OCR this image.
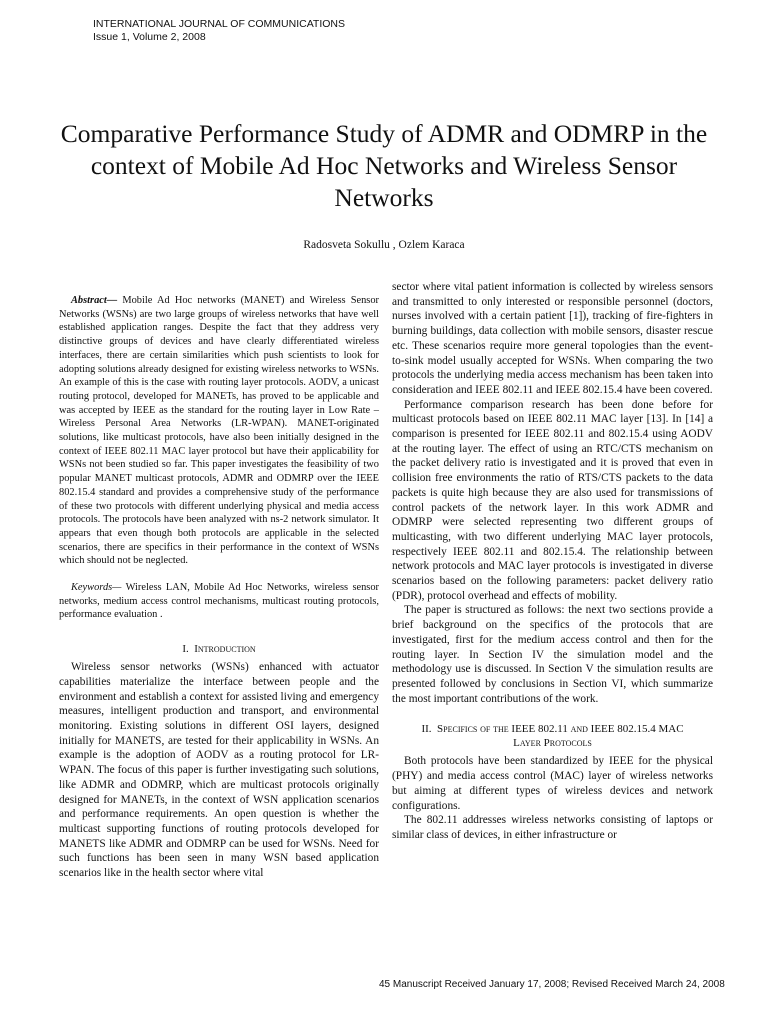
INTERNATIONAL JOURNAL OF COMMUNICATIONS
Issue 1, Volume 2, 2008
Comparative Performance Study of ADMR and ODMRP in the context of Mobile Ad Hoc Networks and Wireless Sensor Networks
Radosveta Sokullu , Ozlem Karaca

Abstract— Mobile Ad Hoc networks (MANET) and Wireless Sensor Networks (WSNs) are two large groups of wireless networks that have well established application ranges. Despite the fact that they address very distinctive groups of devices and have clearly differentiated wireless interfaces, there are certain similarities which push scientists to look for adopting solutions already designed for existing wireless networks to WSNs. An example of this is the case with routing layer protocols. AODV, a unicast routing protocol, developed for MANETs, has proved to be applicable and was accepted by IEEE as the standard for the routing layer in Low Rate – Wireless Personal Area Networks (LR-WPAN). MANET-originated solutions, like multicast protocols, have also been initially designed in the context of IEEE 802.11 MAC layer protocol but have their applicability for WSNs not been studied so far. This paper investigates the feasibility of two popular MANET multicast protocols, ADMR and ODMRP over the IEEE 802.15.4 standard and provides a comprehensive study of the performance of these two protocols with different underlying physical and media access protocols. The protocols have been analyzed with ns-2 network simulator. It appears that even though both protocols are applicable in the selected scenarios, there are specifics in their performance in the context of WSNs which should not be neglected.

Keywords— Wireless LAN, Mobile Ad Hoc Networks, wireless sensor networks, medium access control mechanisms, multicast routing protocols, performance evaluation .

I. Introduction

Wireless sensor networks (WSNs) enhanced with actuator capabilities materialize the interface between people and the environment and establish a context for assisted living and emergency measures, intelligent production and transport, and environmental monitoring. Existing solutions in different OSI layers, designed initially for MANETS, are tested for their applicability in WSNs. An example is the adoption of AODV as a routing protocol for LR-WPAN. The focus of this paper is further investigating such solutions, like ADMR and ODMRP, which are multicast protocols originally designed for MANETs, in the context of WSN application scenarios and performance requirements. An open question is whether the multicast supporting functions of routing protocols developed for MANETS like ADMR and ODMRP can be used for WSNs. Need for such functions has been seen in many WSN based application scenarios like in the health sector where vital

sector where vital patient information is collected by wireless sensors and transmitted to only interested or responsible personnel (doctors, nurses involved with a certain patient [1]), tracking of fire-fighters in burning buildings, data collection with mobile sensors, disaster rescue etc. These scenarios require more general topologies than the event-to-sink model usually accepted for WSNs. When comparing the two protocols the underlying media access mechanism has been taken into consideration and IEEE 802.11 and IEEE 802.15.4 have been covered.

Performance comparison research has been done before for multicast protocols based on IEEE 802.11 MAC layer [13]. In [14] a comparison is presented for IEEE 802.11 and 802.15.4 using AODV at the routing layer. The effect of using an RTC/CTS mechanism on the packet delivery ratio is investigated and it is proved that even in collision free environments the ratio of RTS/CTS packets to the data packets is quite high because they are also used for transmissions of control packets of the network layer. In this work ADMR and ODMRP were selected representing two different groups of multicasting, with two different underlying MAC layer protocols, respectively IEEE 802.11 and 802.15.4. The relationship between network protocols and MAC layer protocols is investigated in diverse scenarios based on the following parameters: packet delivery ratio (PDR), protocol overhead and effects of mobility.

The paper is structured as follows: the next two sections provide a brief background on the specifics of the protocols that are investigated, first for the medium access control and then for the routing layer. In Section IV the simulation model and the methodology use is discussed. In Section V the simulation results are presented followed by conclusions in Section VI, which summarize the most important contributions of the work.

II. Specifics of the IEEE 802.11 and IEEE 802.15.4 MAC
Layer Protocols

Both protocols have been standardized by IEEE for the physical (PHY) and media access control (MAC) layer of wireless networks but aiming at different types of wireless devices and network configurations.

The 802.11 addresses wireless networks consisting of laptops or similar class of devices, in either infrastructure or

45 Manuscript Received January 17, 2008; Revised Received March 24, 2008
